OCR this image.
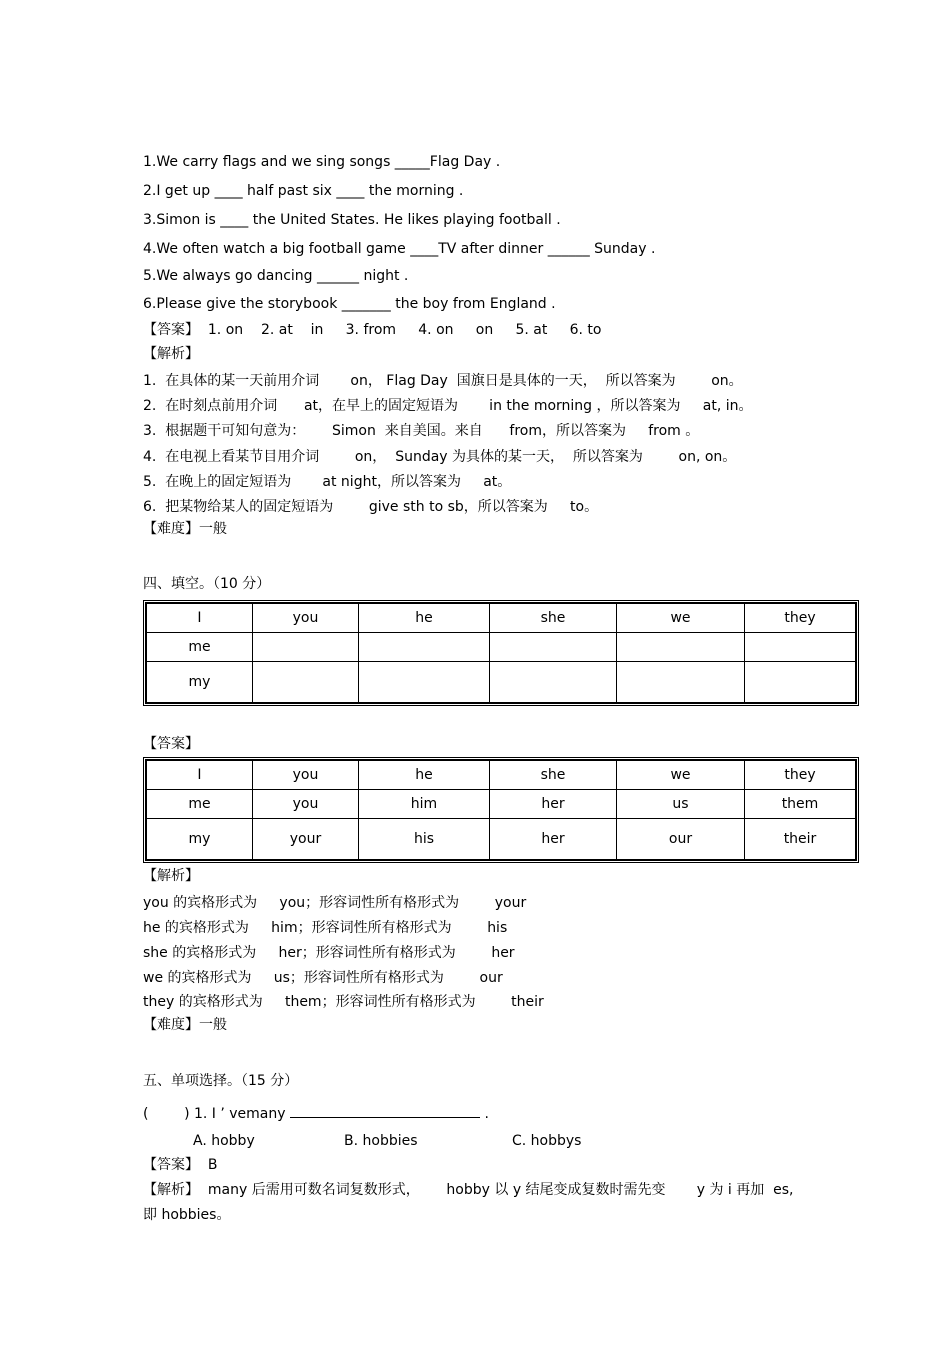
1.We carry flags and we sing songs _____Flag Day .
2.I get up ____ half past six ____ the morning .
3.Simon is ____ the United States. He likes playing football .
4.We often watch a big football game ____TV after dinner ______ Sunday .
5.We always go dancing ______ night .
6.Please give the storybook _______ the boy from England .
【答案】  1. on    2. at    in     3. from     4. on     on     5. at     6. to
【解析】
1.  在具体的某一天前用介词       on， Flag Day  国旗日是具体的一天，  所以答案为        on。
2.  在时刻点前用介词      at，在早上的固定短语为       in the morning ，所以答案为     at, in。
3.  根据题干可知句意为：      Simon  来自美国。来自      from，所以答案为     from 。
4.  在电视上看某节目用介词        on，  Sunday 为具体的某一天，  所以答案为        on, on。
5.  在晚上的固定短语为       at night，所以答案为     at。
6.  把某物给某人的固定短语为        give sth to sb，所以答案为     to。
【难度】一般
四、填空。（10 分）
I	you	he	she	we	they
me					
my					
【答案】
I	you	he	she	we	they
me	you	him	her	us	them
my	your	his	her	our	their
【解析】
you 的宾格形式为     you；形容词性所有格形式为        your
he 的宾格形式为     him；形容词性所有格形式为        his
she 的宾格形式为     her；形容词性所有格形式为        her
we 的宾格形式为     us；形容词性所有格形式为        our
they 的宾格形式为     them；形容词性所有格形式为        their
【难度】一般
五、单项选择。（15 分）
(        ) 1. I ’ vemany	.
A. hobby	B. hobbies	C. hobbys
【答案】  B
【解析】  many 后需用可数名词复数形式，      hobby 以 y 结尾变成复数时需先变       y 为 i 再加  es,
即 hobbies。
